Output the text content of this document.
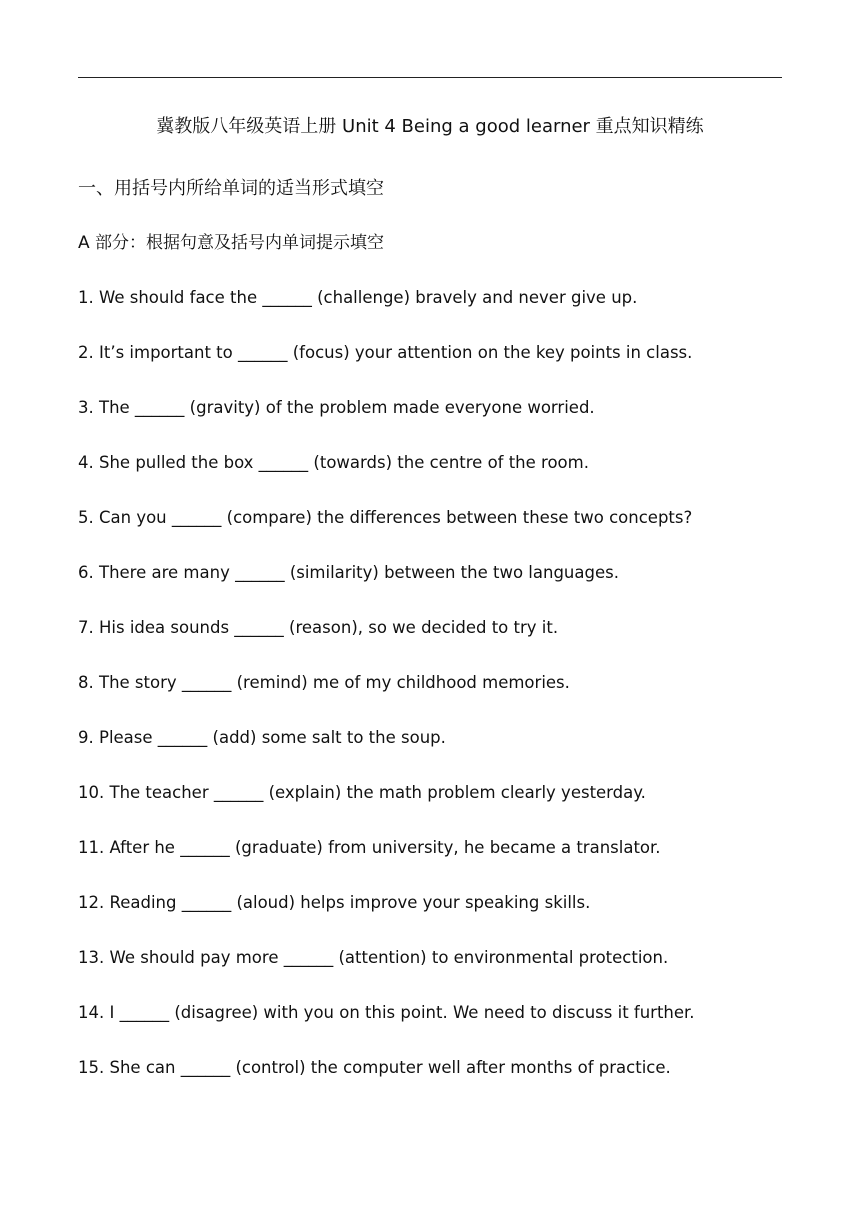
冀教版八年级英语上册 Unit 4 Being a good learner 重点知识精练
一、用括号内所给单词的适当形式填空
A 部分：根据句意及括号内单词提示填空
1. We should face the ______ (challenge) bravely and never give up.
2. It’s important to ______ (focus) your attention on the key points in class.
3. The ______ (gravity) of the problem made everyone worried.
4. She pulled the box ______ (towards) the centre of the room.
5. Can you ______ (compare) the differences between these two concepts?
6. There are many ______ (similarity) between the two languages.
7. His idea sounds ______ (reason), so we decided to try it.
8. The story ______ (remind) me of my childhood memories.
9. Please ______ (add) some salt to the soup.
10. The teacher ______ (explain) the math problem clearly yesterday.
11. After he ______ (graduate) from university, he became a translator.
12. Reading ______ (aloud) helps improve your speaking skills.
13. We should pay more ______ (attention) to environmental protection.
14. I ______ (disagree) with you on this point. We need to discuss it further.
15. She can ______ (control) the computer well after months of practice.
